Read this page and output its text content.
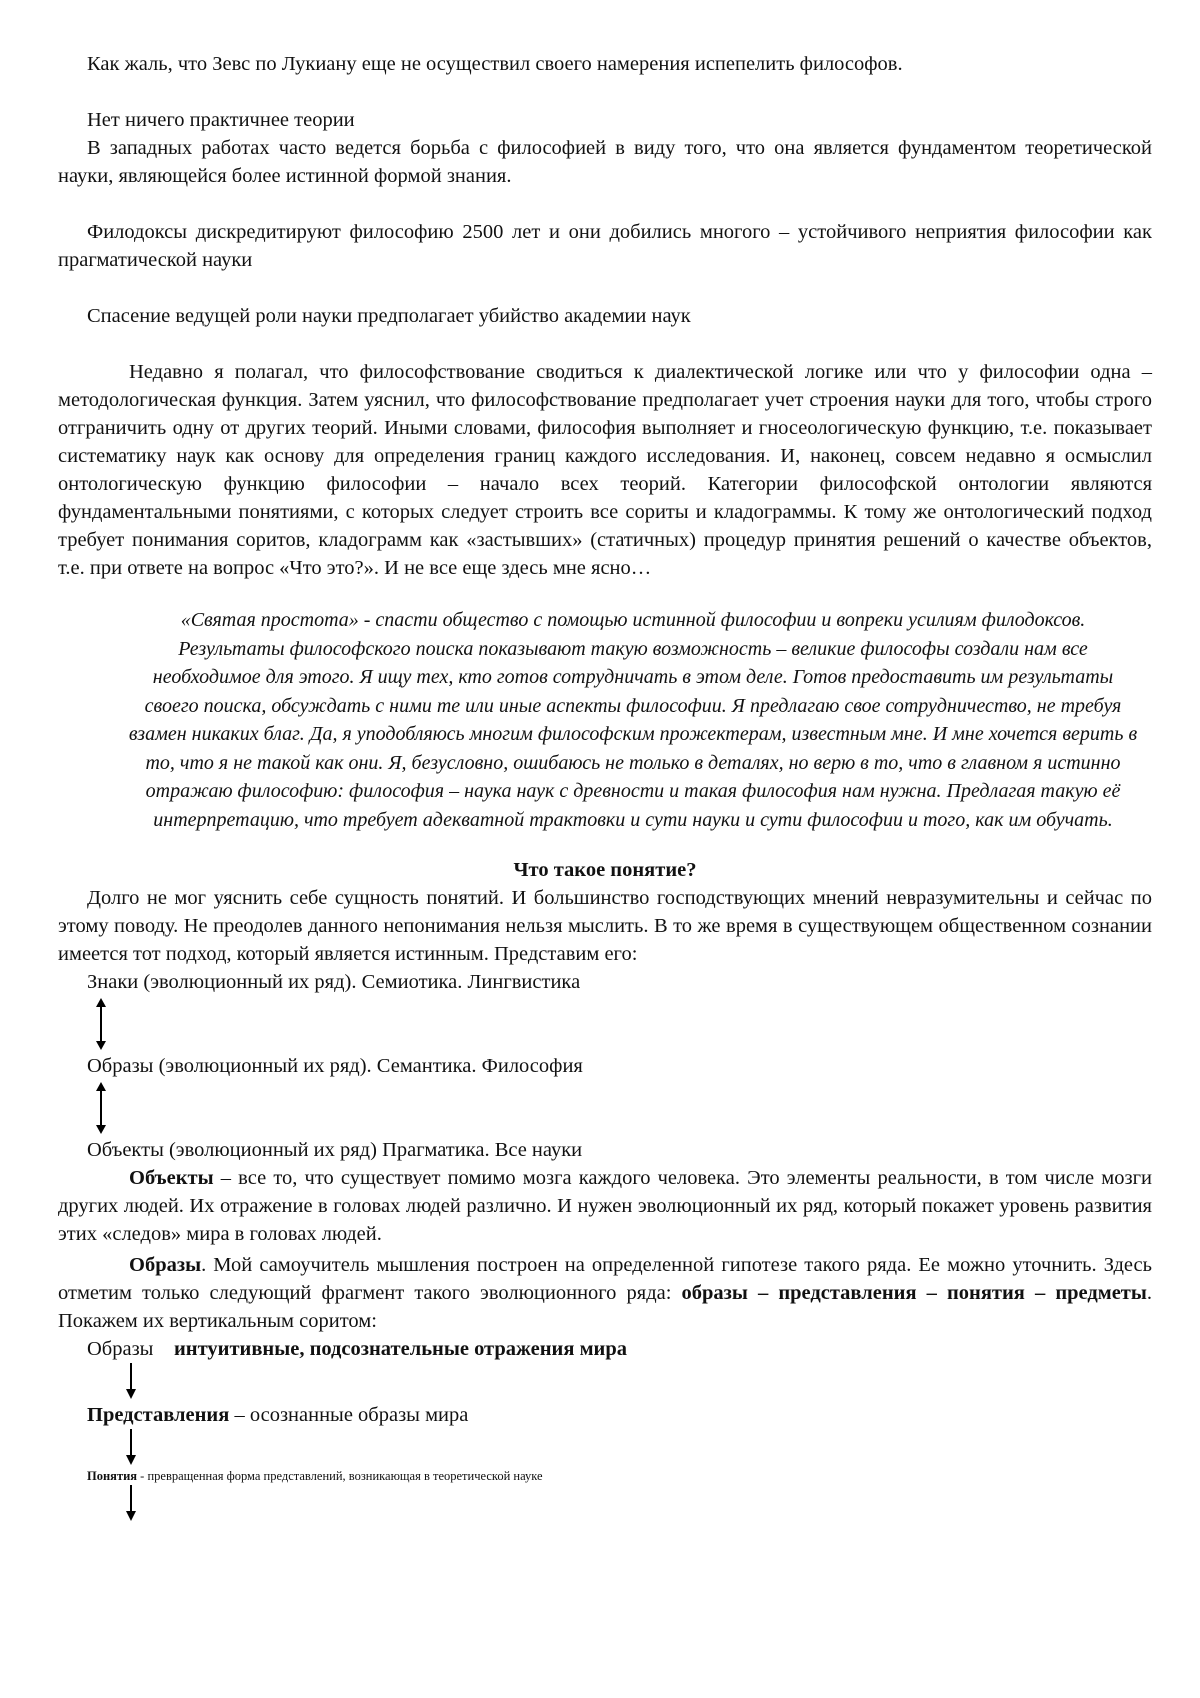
Как жаль, что Зевс по Лукиану еще не осуществил своего намерения испепелить философов.

Нет ничего практичнее теории

В западных работах часто ведется борьба с философией в виду того, что она является фундаментом теоретической науки, являющейся более истинной формой знания.

Филодоксы дискредитируют философию 2500 лет и они добились многого – устойчивого неприятия философии как прагматической науки

Спасение ведущей роли науки предполагает убийство академии наук

Недавно я полагал, что философствование сводиться к диалектической логике или что у философии одна – методологическая функция. Затем уяснил, что философствование предполагает учет строения науки для того, чтобы строго отграничить одну от других теорий. Иными словами, философия выполняет и гносеологическую функцию, т.е. показывает систематику наук как основу для определения границ каждого исследования. И, наконец, совсем недавно я осмыслил онтологическую функцию философии – начало всех теорий. Категории философской онтологии являются фундаментальными понятиями, с которых следует строить все сориты и кладограммы. К тому же онтологический подход требует понимания соритов, кладограмм как «застывших» (статичных) процедур принятия решений о качестве объектов, т.е. при ответе на вопрос «Что это?». И не все еще здесь мне ясно…

«Святая простота» - спасти общество с помощью истинной философии и вопреки усилиям филодоксов. Результаты философского поиска показывают такую возможность – великие философы создали нам все необходимое для этого. Я ищу тех, кто готов сотрудничать в этом деле. Готов предоставить им результаты своего поиска, обсуждать с ними те или иные аспекты философии. Я предлагаю свое сотрудничество, не требуя взамен никаких благ. Да, я уподобляюсь многим философским прожектерам, известным мне. И мне хочется верить в то, что я не такой как они. Я, безусловно, ошибаюсь не только в деталях, но верю в то, что в главном я истинно отражаю философию: философия – наука наук с древности и такая философия нам нужна. Предлагая такую её интерпретацию, что требует адекватной трактовки и сути науки и сути философии и того, как им обучать.

Что такое понятие?

Долго не мог уяснить себе сущность понятий. И большинство господствующих мнений невразумительны и сейчас по этому поводу. Не преодолев данного непонимания нельзя мыслить. В то же время в существующем общественном сознании имеется тот подход, который является истинным. Представим его:

Знаки (эволюционный их ряд). Семиотика. Лингвистика
Образы (эволюционный их ряд). Семантика. Философия
Объекты (эволюционный их ряд) Прагматика. Все науки

Объекты – все то, что существует помимо мозга каждого человека. Это элементы реальности, в том числе мозги других людей. Их отражение в головах людей различно. И нужен эволюционный их ряд, который покажет уровень развития этих «следов» мира в головах людей.

Образы. Мой самоучитель мышления построен на определенной гипотезе такого ряда. Ее можно уточнить. Здесь отметим только следующий фрагмент такого эволюционного ряда: образы – представления – понятия – предметы. Покажем их вертикальным соритом:

Образы интуитивные, подсознательные отражения мира
Представления – осознанные образы мира
Понятия - превращенная форма представлений, возникающая в теоретической науке
